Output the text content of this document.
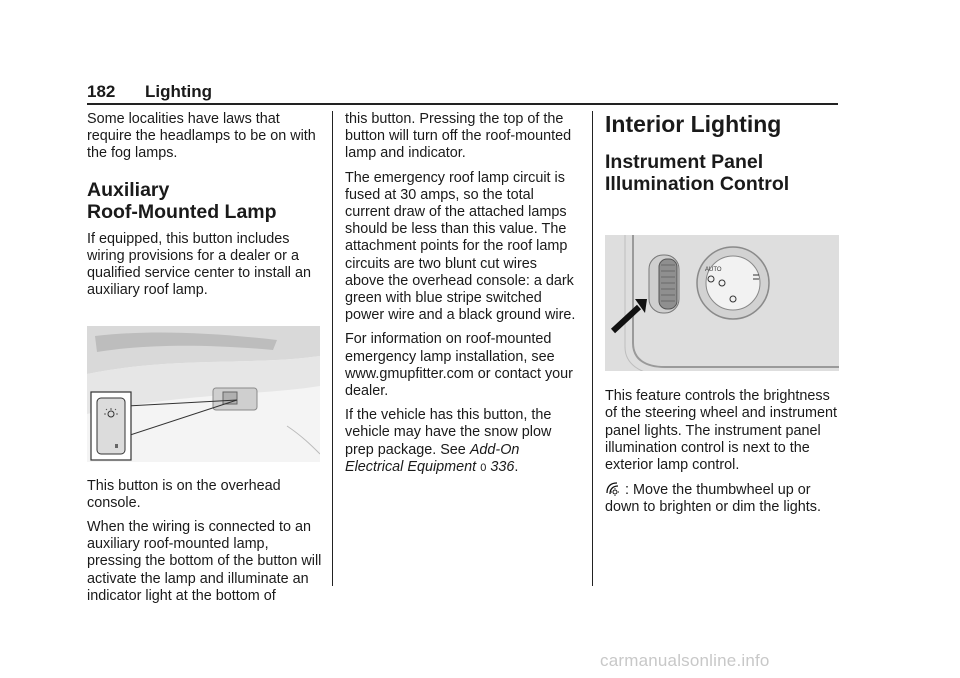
182 Lighting

Some localities have laws that require the headlamps to be on with the fog lamps.

Auxiliary
Roof-Mounted Lamp

If equipped, this button includes wiring provisions for a dealer or a qualified service center to install an auxiliary roof lamp.

This button is on the overhead console.

When the wiring is connected to an auxiliary roof-mounted lamp, pressing the bottom of the button will activate the lamp and illuminate an indicator light at the bottom of

this button. Pressing the top of the button will turn off the roof-mounted lamp and indicator.

The emergency roof lamp circuit is fused at 30 amps, so the total current draw of the attached lamps should be less than this value. The attachment points for the roof lamp circuits are two blunt cut wires above the overhead console: a dark green with blue stripe switched power wire and a black ground wire.

For information on roof-mounted emergency lamp installation, see www.gmupfitter.com or contact your dealer.

If the vehicle has this button, the vehicle may have the snow plow prep package. See Add-On Electrical Equipment 0 336.

Interior Lighting
Instrument Panel
Illumination Control
AUTO

This feature controls the brightness of the steering wheel and instrument panel lights. The instrument panel illumination control is next to the exterior lamp control.

: Move the thumbwheel up or down to brighten or dim the lights.

carmanualsonline.info
